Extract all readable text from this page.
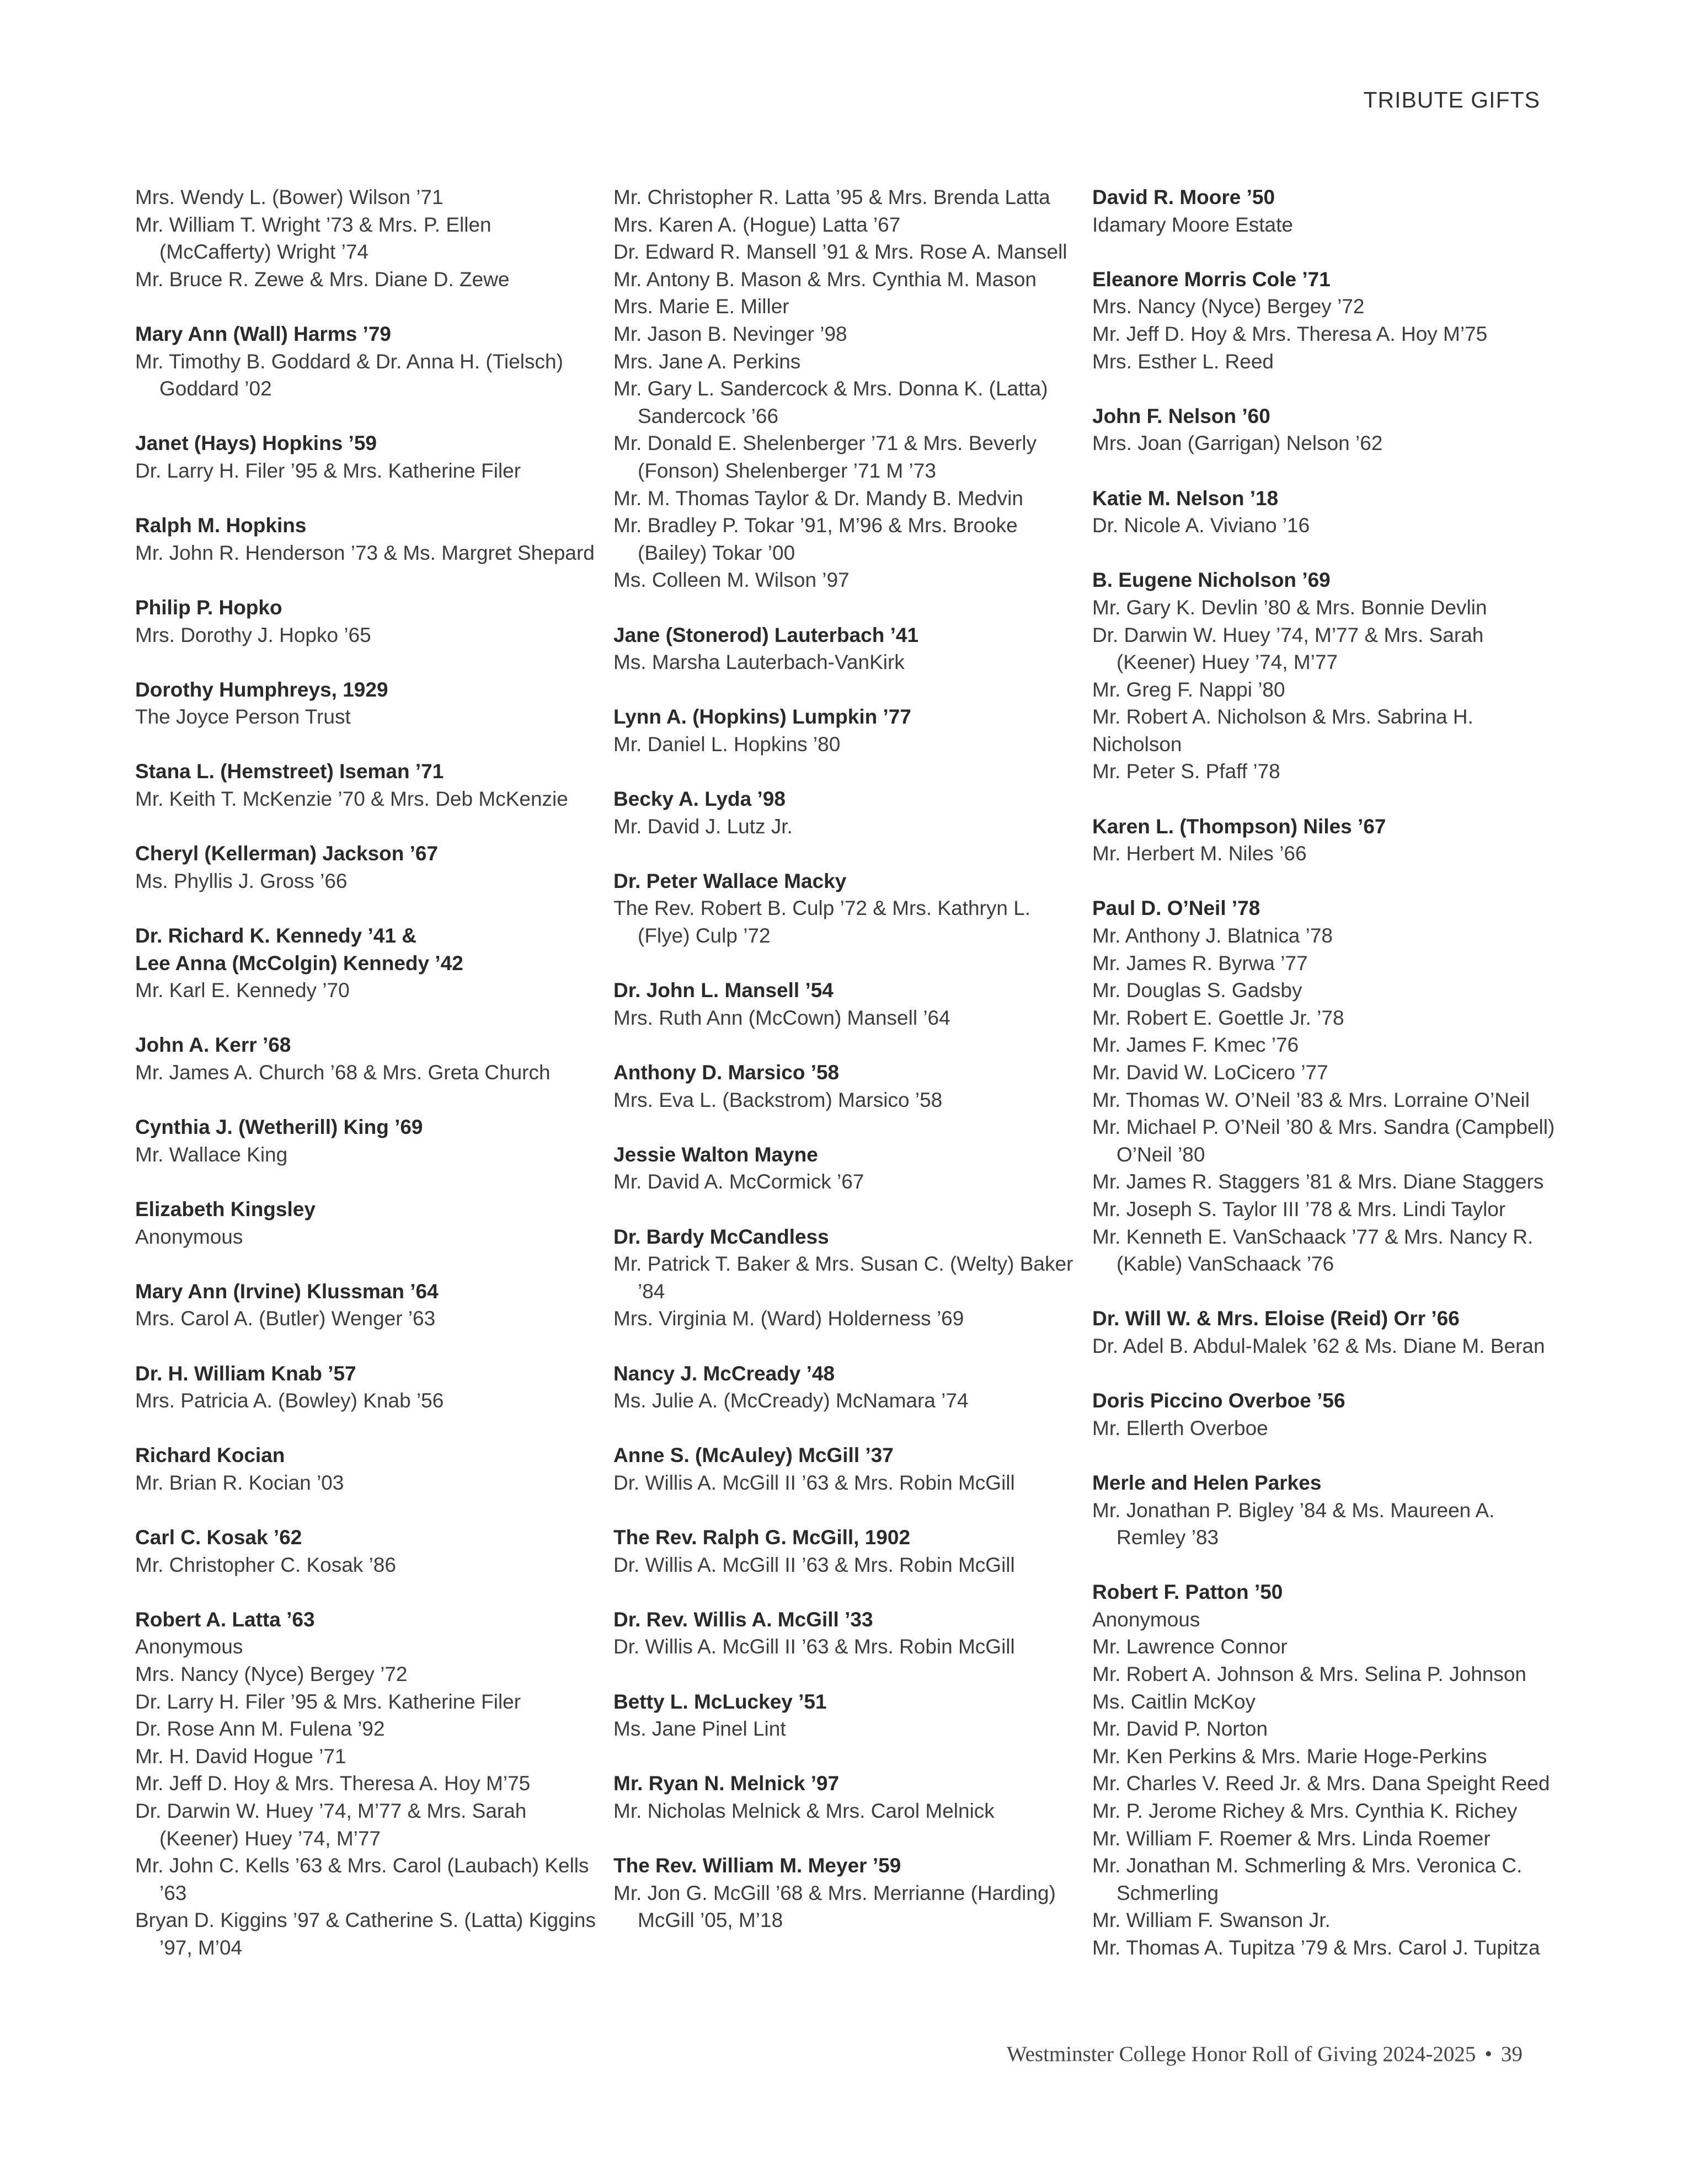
TRIBUTE GIFTS
Mrs. Wendy L. (Bower) Wilson ’71
Mr. William T. Wright ’73 & Mrs. P. Ellen (McCafferty) Wright ’74
Mr. Bruce R. Zewe & Mrs. Diane D. Zewe
Mary Ann (Wall) Harms ’79
Mr. Timothy B. Goddard & Dr. Anna H. (Tielsch) Goddard ’02
Janet (Hays) Hopkins ’59
Dr. Larry H. Filer ’95 & Mrs. Katherine Filer
Ralph M. Hopkins
Mr. John R. Henderson ’73 & Ms. Margret Shepard
Philip P. Hopko
Mrs. Dorothy J. Hopko ’65
Dorothy Humphreys, 1929
The Joyce Person Trust
Stana L. (Hemstreet) Iseman ’71
Mr. Keith T. McKenzie ’70 & Mrs. Deb McKenzie
Cheryl (Kellerman) Jackson ’67
Ms. Phyllis J. Gross ’66
Dr. Richard K. Kennedy ’41 &
Lee Anna (McColgin) Kennedy ’42
Mr. Karl E. Kennedy ’70
John A. Kerr ’68
Mr. James A. Church ’68 & Mrs. Greta Church
Cynthia J. (Wetherill) King ’69
Mr. Wallace King
Elizabeth Kingsley
Anonymous
Mary Ann (Irvine) Klussman ’64
Mrs. Carol A. (Butler) Wenger ’63
Dr. H. William Knab ’57
Mrs. Patricia A. (Bowley) Knab ’56
Richard Kocian
Mr. Brian R. Kocian ’03
Carl C. Kosak ’62
Mr. Christopher C. Kosak ’86
Robert A. Latta ’63
Anonymous
Mrs. Nancy (Nyce) Bergey ’72
Dr. Larry H. Filer ’95 & Mrs. Katherine Filer
Dr. Rose Ann M. Fulena ’92
Mr. H. David Hogue ’71
Mr. Jeff D. Hoy & Mrs. Theresa A. Hoy M’75
Dr. Darwin W. Huey ’74, M’77 & Mrs. Sarah (Keener) Huey ’74, M’77
Mr. John C. Kells ’63 & Mrs. Carol (Laubach) Kells ’63
Bryan D. Kiggins ’97 & Catherine S. (Latta) Kiggins ’97, M’04
Mr. Christopher R. Latta ’95 & Mrs. Brenda Latta
Mrs. Karen A. (Hogue) Latta ’67
Dr. Edward R. Mansell ’91 & Mrs. Rose A. Mansell
Mr. Antony B. Mason & Mrs. Cynthia M. Mason
Mrs. Marie E. Miller
Mr. Jason B. Nevinger ’98
Mrs. Jane A. Perkins
Mr. Gary L. Sandercock & Mrs. Donna K. (Latta) Sandercock ’66
Mr. Donald E. Shelenberger ’71 & Mrs. Beverly (Fonson) Shelenberger ’71 M ’73
Mr. M. Thomas Taylor & Dr. Mandy B. Medvin
Mr. Bradley P. Tokar ’91, M’96 & Mrs. Brooke (Bailey) Tokar ’00
Ms. Colleen M. Wilson ’97
Jane (Stonerod) Lauterbach ’41
Ms. Marsha Lauterbach-VanKirk
Lynn A. (Hopkins) Lumpkin ’77
Mr. Daniel L. Hopkins ’80
Becky A. Lyda ’98
Mr. David J. Lutz Jr.
Dr. Peter Wallace Macky
The Rev. Robert B. Culp ’72 & Mrs. Kathryn L. (Flye) Culp ’72
Dr. John L. Mansell ’54
Mrs. Ruth Ann (McCown) Mansell ’64
Anthony D. Marsico ’58
Mrs. Eva L. (Backstrom) Marsico ’58
Jessie Walton Mayne
Mr. David A. McCormick ’67
Dr. Bardy McCandless
Mr. Patrick T. Baker & Mrs. Susan C. (Welty) Baker ’84
Mrs. Virginia M. (Ward) Holderness ’69
Nancy J. McCready ’48
Ms. Julie A. (McCready) McNamara ’74
Anne S. (McAuley) McGill ’37
Dr. Willis A. McGill II ’63 & Mrs. Robin McGill
The Rev. Ralph G. McGill, 1902
Dr. Willis A. McGill II ’63 & Mrs. Robin McGill
Dr. Rev. Willis A. McGill ’33
Dr. Willis A. McGill II ’63 & Mrs. Robin McGill
Betty L. McLuckey ’51
Ms. Jane Pinel Lint
Mr. Ryan N. Melnick ’97
Mr. Nicholas Melnick & Mrs. Carol Melnick
The Rev. William M. Meyer ’59
Mr. Jon G. McGill ’68 & Mrs. Merrianne (Harding) McGill ’05, M’18
David R. Moore ’50
Idamary Moore Estate
Eleanore Morris Cole ’71
Mrs. Nancy (Nyce) Bergey ’72
Mr. Jeff D. Hoy & Mrs. Theresa A. Hoy M’75
Mrs. Esther L. Reed
John F. Nelson ’60
Mrs. Joan (Garrigan) Nelson ’62
Katie M. Nelson ’18
Dr. Nicole A. Viviano ’16
B. Eugene Nicholson ’69
Mr. Gary K. Devlin ’80 & Mrs. Bonnie Devlin
Dr. Darwin W. Huey ’74, M’77 & Mrs. Sarah (Keener) Huey ’74, M’77
Mr. Greg F. Nappi ’80
Mr. Robert A. Nicholson & Mrs. Sabrina H.
Nicholson
Mr. Peter S. Pfaff ’78
Karen L. (Thompson) Niles ’67
Mr. Herbert M. Niles ’66
Paul D. O’Neil ’78
Mr. Anthony J. Blatnica ’78
Mr. James R. Byrwa ’77
Mr. Douglas S. Gadsby
Mr. Robert E. Goettle Jr. ’78
Mr. James F. Kmec ’76
Mr. David W. LoCicero ’77
Mr. Thomas W. O’Neil ’83 & Mrs. Lorraine O’Neil
Mr. Michael P. O’Neil ’80 & Mrs. Sandra (Campbell) O’Neil ’80
Mr. James R. Staggers ’81 & Mrs. Diane Staggers
Mr. Joseph S. Taylor III ’78 & Mrs. Lindi Taylor
Mr. Kenneth E. VanSchaack ’77 & Mrs. Nancy R. (Kable) VanSchaack ’76
Dr. Will W. & Mrs. Eloise (Reid) Orr ’66
Dr. Adel B. Abdul-Malek ’62 & Ms. Diane M. Beran
Doris Piccino Overboe ’56
Mr. Ellerth Overboe
Merle and Helen Parkes
Mr. Jonathan P. Bigley ’84 & Ms. Maureen A. Remley ’83
Robert F. Patton ’50
Anonymous
Mr. Lawrence Connor
Mr. Robert A. Johnson & Mrs. Selina P. Johnson
Ms. Caitlin McKoy
Mr. David P. Norton
Mr. Ken Perkins & Mrs. Marie Hoge-Perkins
Mr. Charles V. Reed Jr. & Mrs. Dana Speight Reed
Mr. P. Jerome Richey & Mrs. Cynthia K. Richey
Mr. William F. Roemer & Mrs. Linda Roemer
Mr. Jonathan M. Schmerling & Mrs. Veronica C. Schmerling
Mr. William F. Swanson Jr.
Mr. Thomas A. Tupitza ’79 & Mrs. Carol J. Tupitza
Westminster College Honor Roll of Giving 2024-2025 • 39
